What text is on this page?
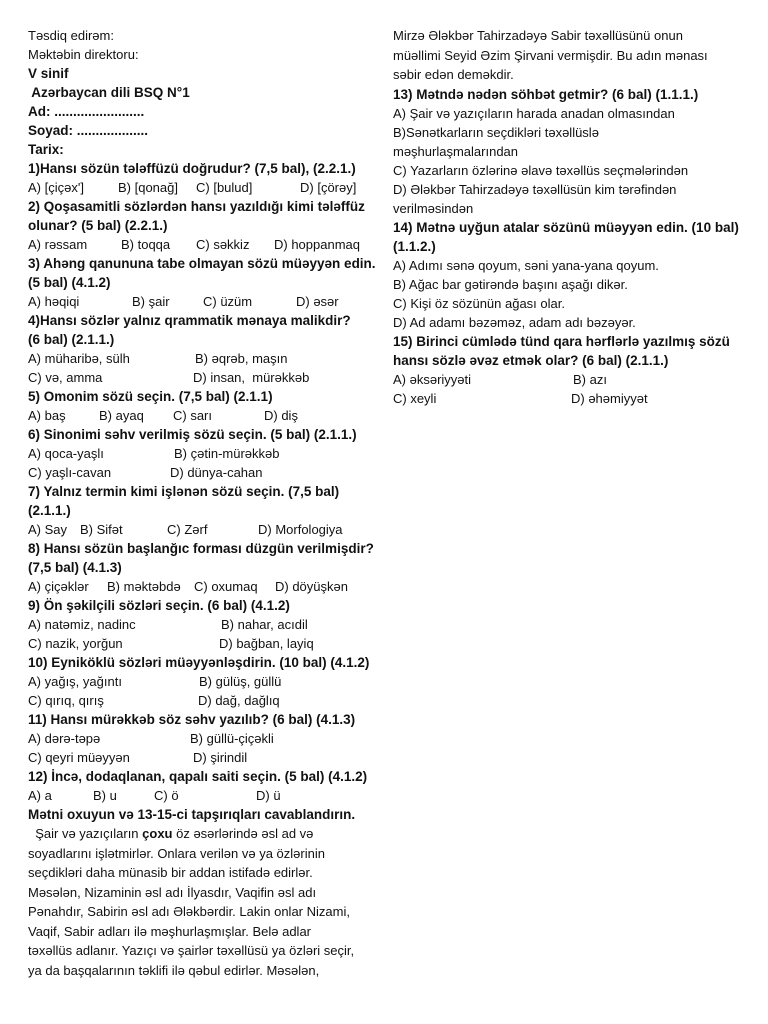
Təsdiq edirəm:
Məktəbin direktoru:
V sinif
Azərbaycan dili BSQ N°1
Ad: ........................
Soyad: ...................
Tarix:
1)Hansı sözün tələffüzü doğrudur? (7,5 bal), (2.2.1.)
A) [çiçəx']	B) [qonağ] C) [bulud]	D) [çörəy]
2) Qoşasamitli sözlərdən hansı yazıldığı kimi tələffüz
olunar? (5 bal) (2.2.1.)
A) rəssam	B) toqqa C) səkkiz D) hoppanmaq
3) Ahəng qanununa tabe olmayan sözü müəyyən edin.
(5 bal) (4.1.2)
A) həqiqi	B) şair	C) üzüm	D) əsər
4)Hansı sözlər yalnız qrammatik mənaya malikdir?
(6 bal) (2.1.1.)
A) müharibə, sülh	B) əqrəb, maşın
C) və, amma	D) insan,  mürəkkəb
5) Omonim sözü seçin. (7,5 bal) (2.1.1)
A) baş	B) ayaq C) sarı	D) diş
6) Sinonimi səhv verilmiş sözü seçin. (5 bal) (2.1.1.)
A) qoca-yaşlı	B) çətin-mürəkkəb
C) yaşlı-cavan	D) dünya-cahan
7) Yalnız termin kimi işlənən sözü seçin. (7,5 bal)
(2.1.1.)
A) Say B) Sifət	C) Zərf	D) Morfologiya
8) Hansı sözün başlanğıc forması düzgün verilmişdir?
(7,5 bal) (4.1.3)
A) çiçəklər B) məktəbdə C) oxumaq D) döyüşkən
9) Ön şəkilçili sözləri seçin. (6 bal) (4.1.2)
A) natəmiz, nadinc	B) nahar, acıdil
C) nazik, yorğun	D) bağban, layiq
10) Eyniköklü sözləri müəyyənləşdirin. (10 bal) (4.1.2)
A) yağış, yağıntı	B) gülüş, güllü
C) qırıq, qırış	D) dağ, dağlıq
11) Hansı mürəkkəb söz səhv yazılıb? (6 bal) (4.1.3)
A) dərə-təpə	B) güllü-çiçəkli
C) qeyri müəyyən	D) şirindil
12) İncə, dodaqlanan, qapalı saiti seçin. (5 bal) (4.1.2)
A) a	B) u	C) ö	D) ü
Mətni oxuyun və 13-15-ci tapşırıqları cavablandırın.
Şair və yazıçıların çoxu öz əsərlərində əsl ad və
soyadlarını işlətmirlər. Onlara verilən və ya özlərinin
seçdikləri daha münasib bir addan istifadə edirlər.
Məsələn, Nizaminin əsl adı İlyasdır, Vaqifin əsl adı
Pənahdır, Sabirin əsl adı Ələkbərdir. Lakin onlar Nizami,
Vaqif, Sabir adları ilə məşhurlaşmışlar. Belə adlar
təxəllüs adlanır. Yazıçı və şairlər təxəllüsü ya özləri seçir,
ya da başqalarının təklifi ilə qəbul edirlər. Məsələn,
Mirzə Ələkbər Tahirzadəyə Sabir təxəllüsünü onun
müəllimi Seyid Əzim Şirvani vermişdir. Bu adın mənası
səbir edən deməkdir.
13) Mətndə nədən söhbət getmir? (6 bal) (1.1.1.)
A) Şair və yazıçıların harada anadan olmasından
B)Sənətkarların seçdikləri təxəllüslə
məşhurlaşmalarından
C) Yazarların özlərinə əlavə təxəllüs seçmələrindən
D) Ələkbər Tahirzadəyə təxəllüsün kim tərəfindən
verilməsindən
14) Mətnə uyğun atalar sözünü müəyyən edin. (10 bal)
(1.1.2.)
A) Adımı sənə qoyum, səni yana-yana qoyum.
B) Ağac bar gətirəndə başını aşağı dikər.
C) Kişi öz sözünün ağası olar.
D) Ad adamı bəzəməz, adam adı bəzəyər.
15) Birinci cümlədə tünd qara hərflərlə yazılmış sözü
hansı sözlə əvəz etmək olar? (6 bal) (2.1.1.)
A) əksəriyyəti	B) azı
C) xeyli	D) əhəmiyyət
